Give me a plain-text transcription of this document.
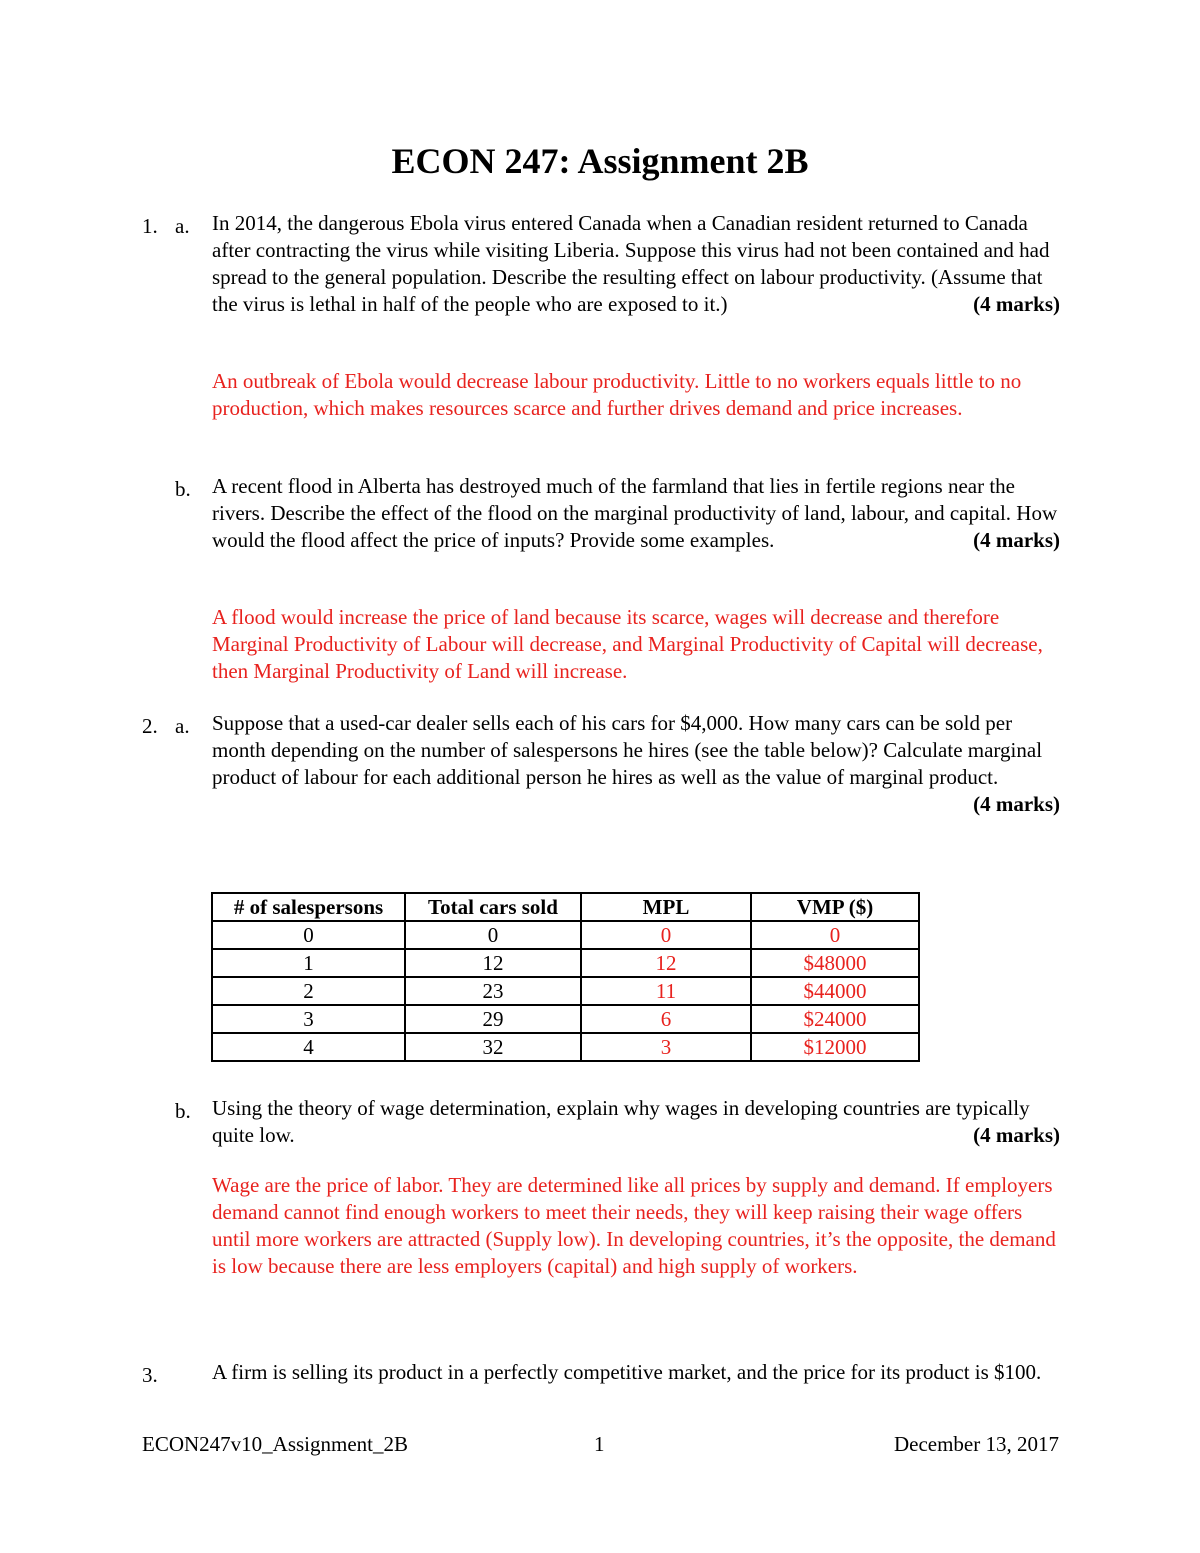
ECON 247: Assignment 2B
1. a. In 2014, the dangerous Ebola virus entered Canada when a Canadian resident returned to Canada after contracting the virus while visiting Liberia. Suppose this virus had not been contained and had spread to the general population. Describe the resulting effect on labour productivity. (Assume that the virus is lethal in half of the people who are exposed to it.)	(4 marks)
An outbreak of Ebola would decrease labour productivity. Little to no workers equals little to no production, which makes resources scarce and further drives demand and price increases.
b. A recent flood in Alberta has destroyed much of the farmland that lies in fertile regions near the rivers. Describe the effect of the flood on the marginal productivity of land, labour, and capital. How would the flood affect the price of inputs? Provide some examples.	(4 marks)
A flood would increase the price of land because its scarce, wages will decrease and therefore Marginal Productivity of Labour will decrease, and Marginal Productivity of Capital will decrease, then Marginal Productivity of Land will increase.
2. a. Suppose that a used-car dealer sells each of his cars for $4,000. How many cars can be sold per month depending on the number of salespersons he hires (see the table below)? Calculate marginal product of labour for each additional person he hires as well as the value of marginal product.
(4 marks)
# of salespersons	Total cars sold	MPL	VMP ($)
0	0	0	0
1	12	12	$48000
2	23	11	$44000
3	29	6	$24000
4	32	3	$12000
b. Using the theory of wage determination, explain why wages in developing countries are typically quite low.	(4 marks)
Wage are the price of labor. They are determined like all prices by supply and demand. If employers demand cannot find enough workers to meet their needs, they will keep raising their wage offers until more workers are attracted (Supply low). In developing countries, it’s the opposite, the demand is low because there are less employers (capital) and high supply of workers.
3.	A firm is selling its product in a perfectly competitive market, and the price for its product is $100.
ECON247v10_Assignment_2B	1	December 13, 2017
